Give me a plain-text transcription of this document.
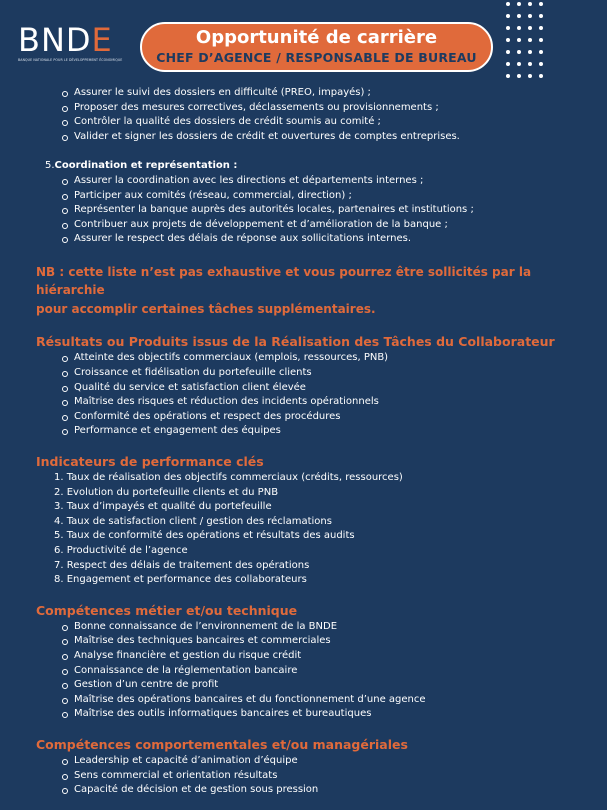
BNDE
BANQUE NATIONALE POUR LE DÉVELOPPEMENT ÉCONOMIQUE
Opportunité de carrière
CHEF D’AGENCE / RESPONSABLE DE BUREAU
Assurer le suivi des dossiers en difficulté (PREO, impayés) ;
Proposer des mesures correctives, déclassements ou provisionnements ;
Contrôler la qualité des dossiers de crédit soumis au comité ;
Valider et signer les dossiers de crédit et ouvertures de comptes entreprises.
5.Coordination et représentation :
Assurer la coordination avec les directions et départements internes ;
Participer aux comités (réseau, commercial, direction) ;
Représenter la banque auprès des autorités locales, partenaires et institutions ;
Contribuer aux projets de développement et d’amélioration de la banque ;
Assurer le respect des délais de réponse aux sollicitations internes.
NB : cette liste n’est pas exhaustive et vous pourrez être sollicités par la hiérarchie
pour accomplir certaines tâches supplémentaires.
Résultats ou Produits issus de la Réalisation des Tâches du Collaborateur
Atteinte des objectifs commerciaux (emplois, ressources, PNB)
Croissance et fidélisation du portefeuille clients
Qualité du service et satisfaction client élevée
Maîtrise des risques et réduction des incidents opérationnels
Conformité des opérations et respect des procédures
Performance et engagement des équipes
Indicateurs de performance clés
1. Taux de réalisation des objectifs commerciaux (crédits, ressources)
2. Evolution du portefeuille clients et du PNB
3. Taux d’impayés et qualité du portefeuille
4. Taux de satisfaction client / gestion des réclamations
5. Taux de conformité des opérations et résultats des audits
6. Productivité de l’agence
7. Respect des délais de traitement des opérations
8. Engagement et performance des collaborateurs
Compétences métier et/ou technique
Bonne connaissance de l’environnement de la BNDE
Maîtrise des techniques bancaires et commerciales
Analyse financière et gestion du risque crédit
Connaissance de la réglementation bancaire
Gestion d’un centre de profit
Maîtrise des opérations bancaires et du fonctionnement d’une agence
Maîtrise des outils informatiques bancaires et bureautiques
Compétences comportementales et/ou managériales
Leadership et capacité d’animation d’équipe
Sens commercial et orientation résultats
Capacité de décision et de gestion sous pression
